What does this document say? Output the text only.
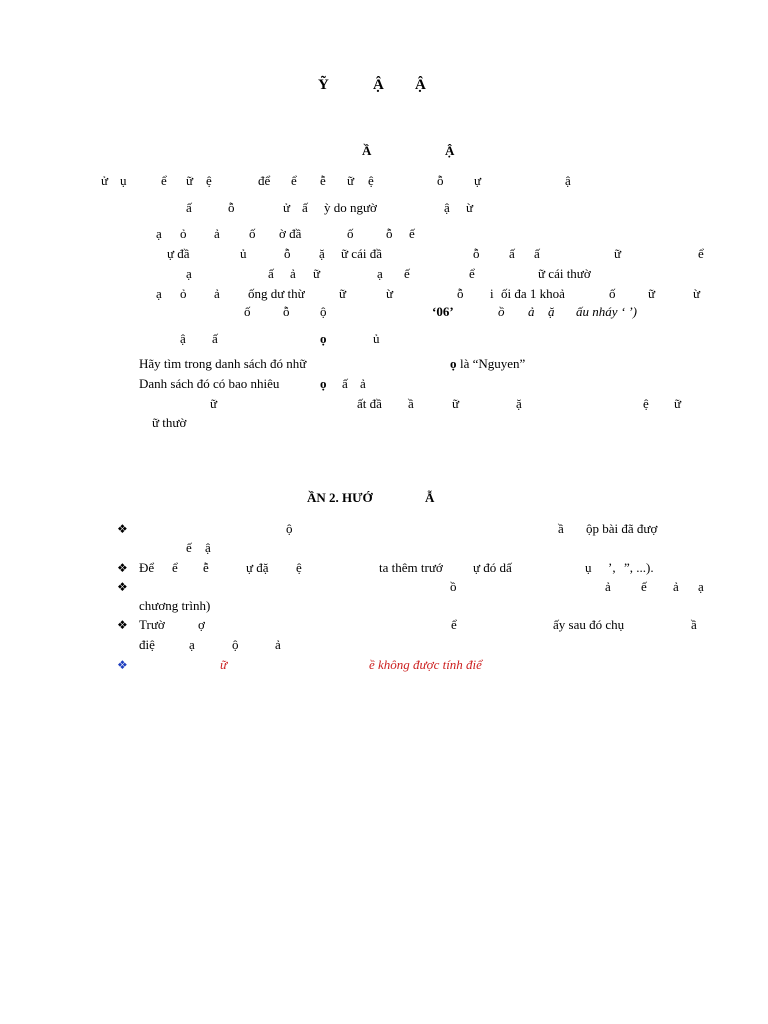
Ỹ	Ậ Ậ
Ầ	Ậ
ử ụ	ể ữ ệ	để ể ễ ữ ệ	ỗ ự	ậ
ấ	ỗ	ử ấ ỳ do ngườ	ậ ừ
ạ ỏ ả ố ờ đầ	ố	ỗ ế
ự đầ	ủ	ỗ ặ ữ cái đầ	ỗ ấ ấ	ữ	ể
ạ	ấ ả ữ	ạ ế	ể	ữ cái thườ
ạ ỏ ả ống dư thừ	ữ	ừ	ỗ i ối đa 1 khoả	ố	ữ	ừ
ố	ỗ ộ	‘06’	ồ ả ặ ấu nháy ‘ ’)
ậ ấ	ọ	ủ
Hãy tìm trong danh sách đó nhữ	ọ là “Nguyen”
Danh sách đó có bao nhiêu	ọ ấ ả
ữ	ất đầ ầ	ữ	ặ	ệ ữ
ữ thườ
ẦN 2. HƯỚ	Ẫ
❖	ộ	ầ ộp bài đã đượ
ế ậ
❖ Để ể ễ	ự đặ ệ	ta thêm trướ ự đó dấ	ụ ’, ”, ...).
❖	ồ	ả ế ả ạ
chương trình)
❖ Trườ	ợ	ể	ấy sau đó chụ	ầ
điệ	ạ	ộ	ả
❖	ữ	ề không được tính điể
